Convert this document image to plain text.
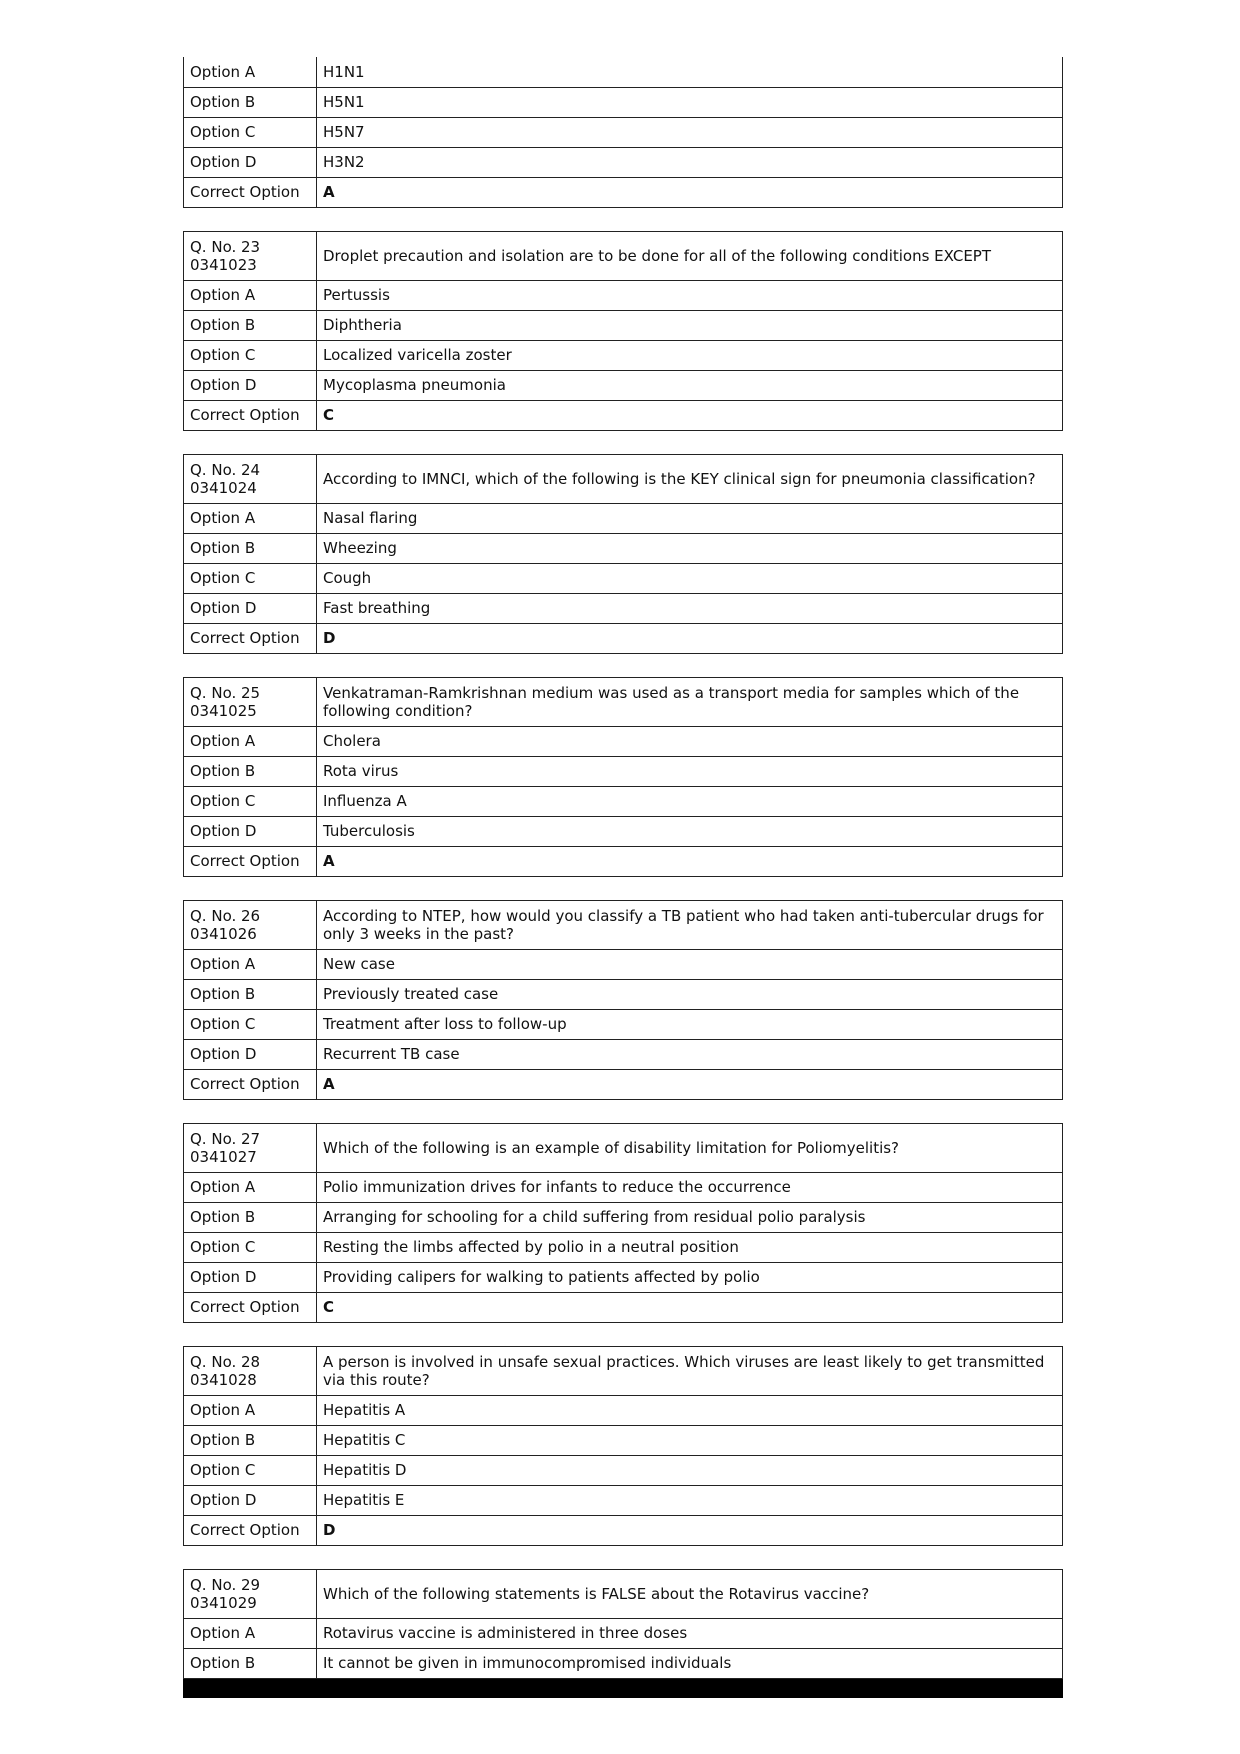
Option A	H1N1
Option B	H5N1
Option C	H5N7
Option D	H3N2
Correct Option	A
Q. No. 23
0341023	Droplet precaution and isolation are to be done for all of the following conditions EXCEPT
Option A	Pertussis
Option B	Diphtheria
Option C	Localized varicella zoster
Option D	Mycoplasma pneumonia
Correct Option	C
Q. No. 24
0341024	According to IMNCI, which of the following is the KEY clinical sign for pneumonia classification?
Option A	Nasal flaring
Option B	Wheezing
Option C	Cough
Option D	Fast breathing
Correct Option	D
Q. No. 25
0341025	Venkatraman-Ramkrishnan medium was used as a transport media for samples which of the following condition?
Option A	Cholera
Option B	Rota virus
Option C	Influenza A
Option D	Tuberculosis
Correct Option	A
Q. No. 26
0341026	According to NTEP, how would you classify a TB patient who had taken anti-tubercular drugs for only 3 weeks in the past?
Option A	New case
Option B	Previously treated case
Option C	Treatment after loss to follow-up
Option D	Recurrent TB case
Correct Option	A
Q. No. 27
0341027	Which of the following is an example of disability limitation for Poliomyelitis?
Option A	Polio immunization drives for infants to reduce the occurrence
Option B	Arranging for schooling for a child suffering from residual polio paralysis
Option C	Resting the limbs affected by polio in a neutral position
Option D	Providing calipers for walking to patients affected by polio
Correct Option	C
Q. No. 28
0341028	A person is involved in unsafe sexual practices. Which viruses are least likely to get transmitted via this route?
Option A	Hepatitis A
Option B	Hepatitis C
Option C	Hepatitis D
Option D	Hepatitis E
Correct Option	D
Q. No. 29
0341029	Which of the following statements is FALSE about the Rotavirus vaccine?
Option A	Rotavirus vaccine is administered in three doses
Option B	It cannot be given in immunocompromised individuals
